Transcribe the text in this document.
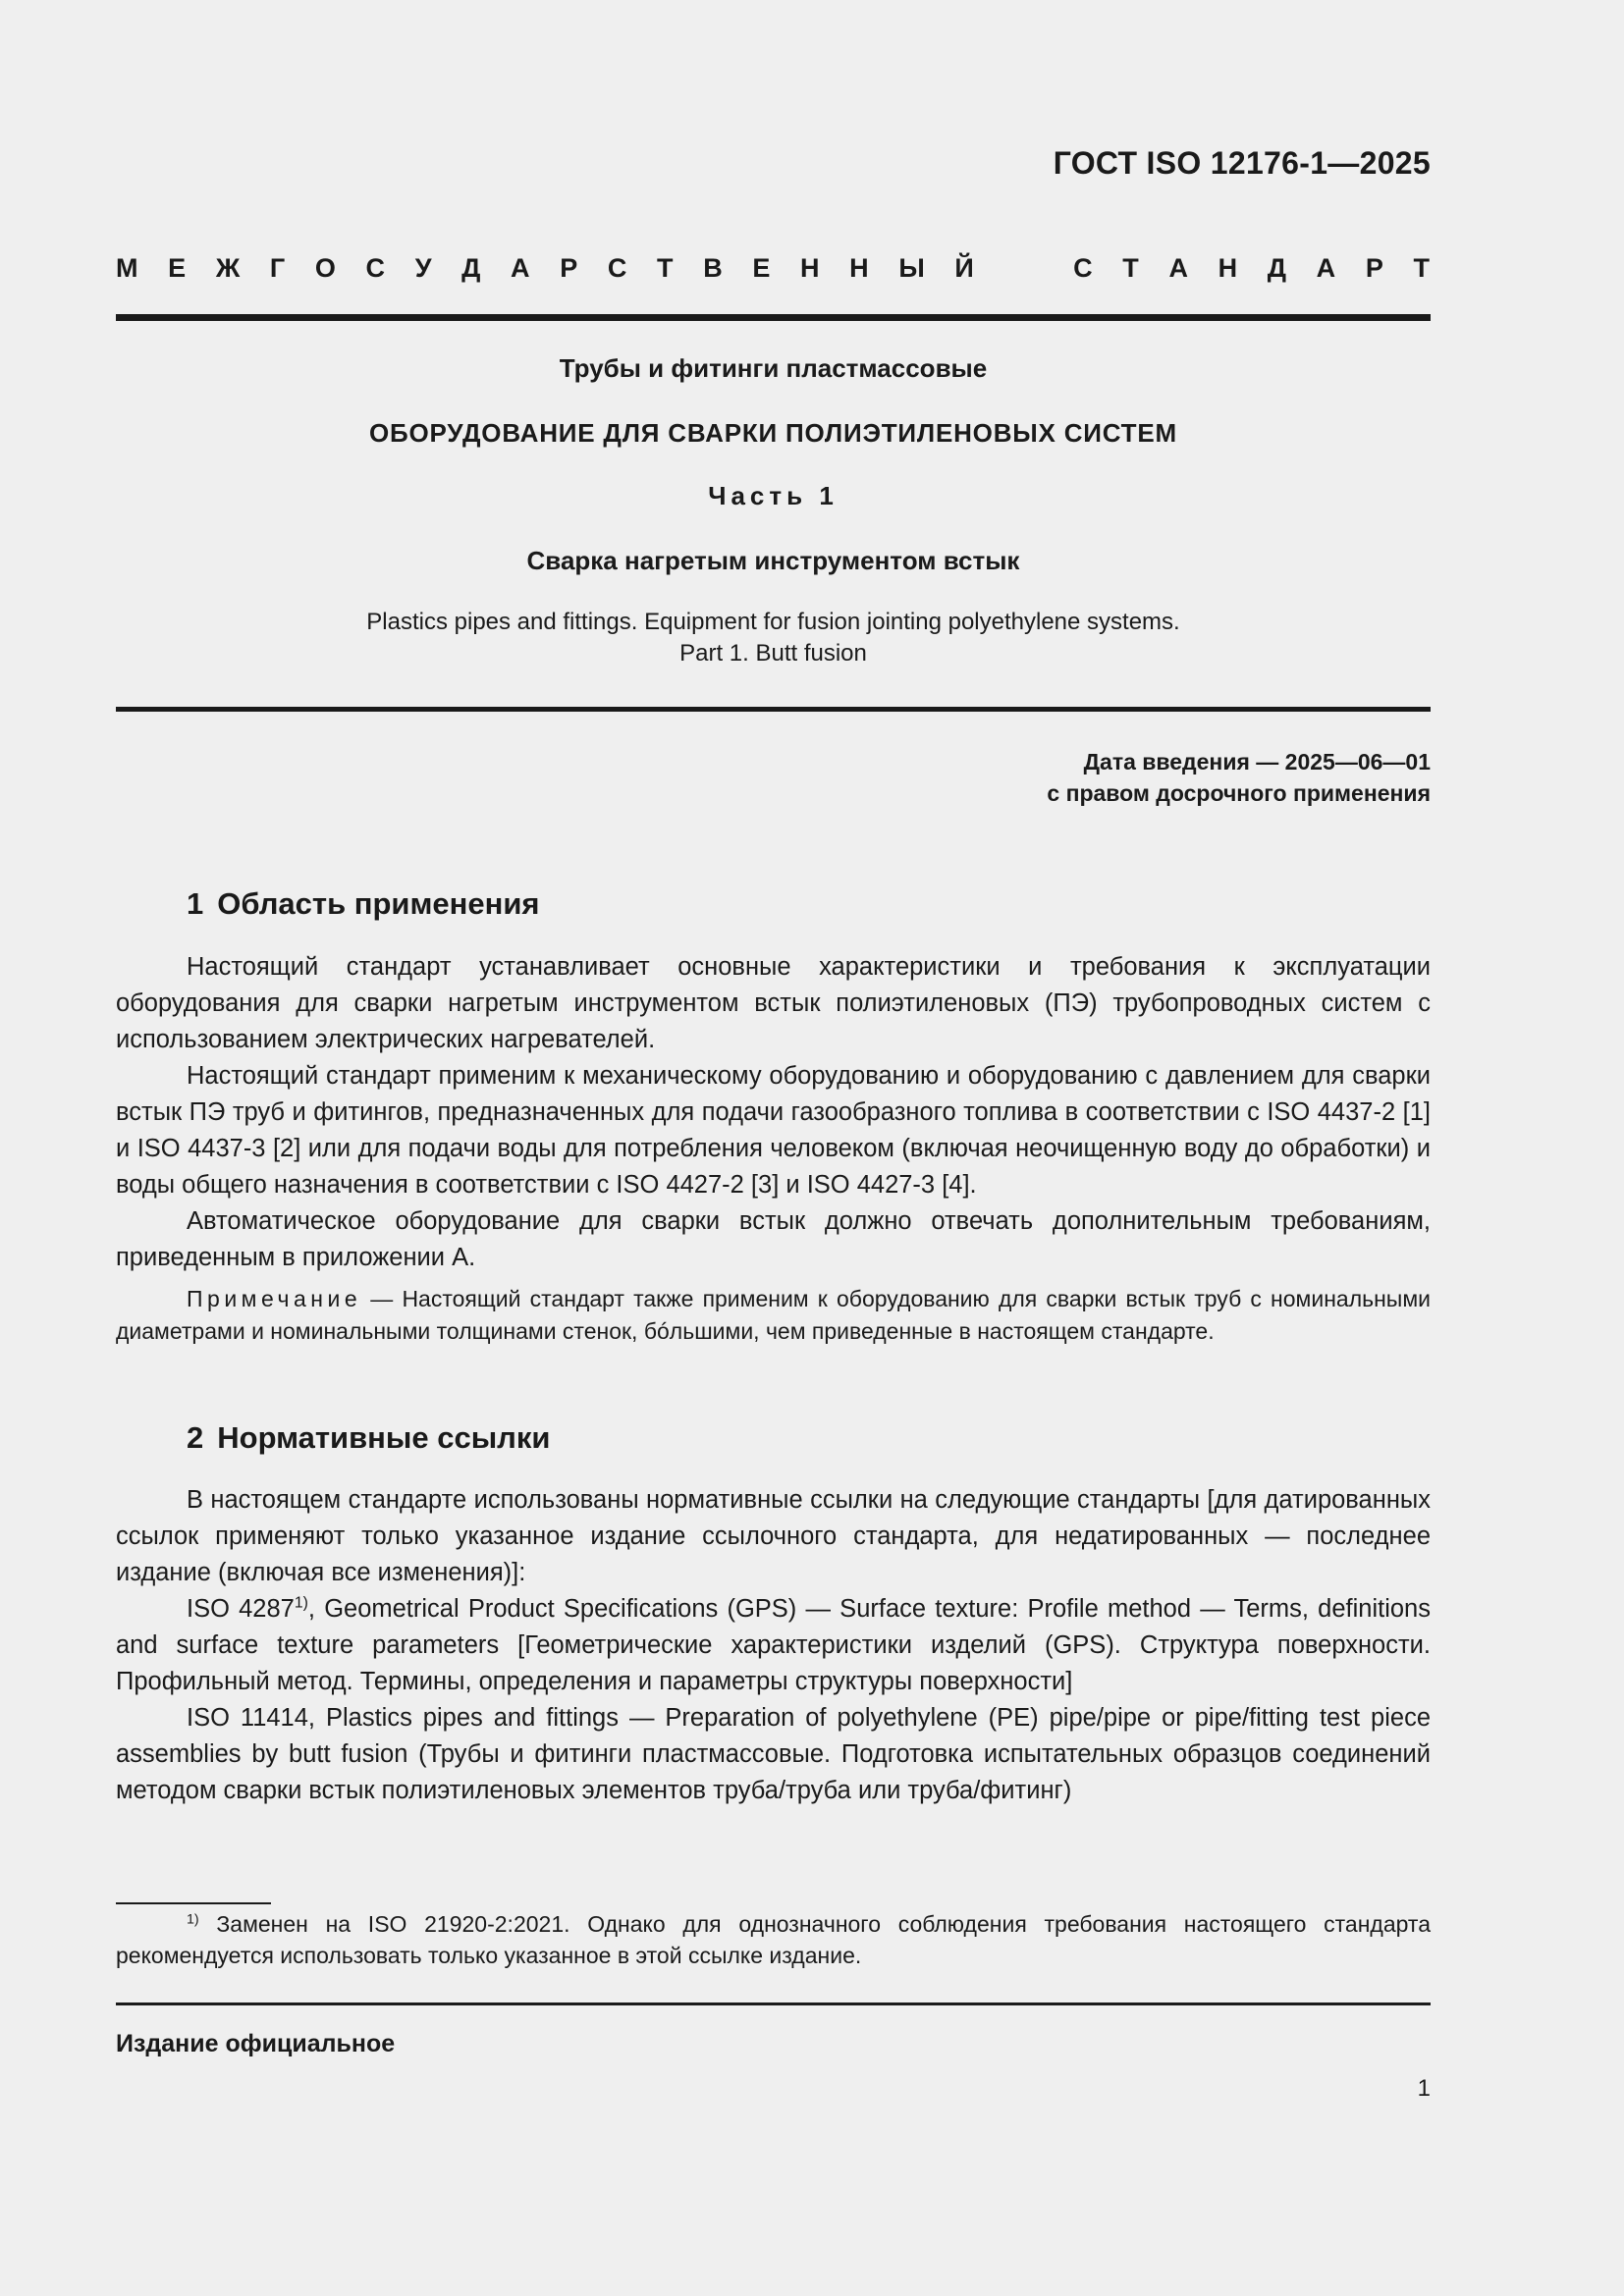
ГОСТ ISO 12176-1—2025
М Е Ж Г О С У Д А Р С Т В Е Н Н Ы Й	С Т А Н Д А Р Т
Трубы и фитинги пластмассовые
ОБОРУДОВАНИЕ ДЛЯ СВАРКИ ПОЛИЭТИЛЕНОВЫХ СИСТЕМ
Часть 1
Сварка нагретым инструментом встык
Plastics pipes and fittings. Equipment for fusion jointing polyethylene systems.
Part 1. Butt fusion
Дата введения — 2025—06—01
с правом досрочного применения
1 Область применения

Настоящий стандарт устанавливает основные характеристики и требования к эксплуатации оборудования для сварки нагретым инструментом встык полиэтиленовых (ПЭ) трубопроводных систем с использованием электрических нагревателей.

Настоящий стандарт применим к механическому оборудованию и оборудованию с давлением для сварки встык ПЭ труб и фитингов, предназначенных для подачи газообразного топлива в соответствии с ISO 4437-2 [1] и ISO 4437-3 [2] или для подачи воды для потребления человеком (включая неочищенную воду до обработки) и воды общего назначения в соответствии с ISO 4427-2 [3] и ISO 4427-3 [4].

Автоматическое оборудование для сварки встык должно отвечать дополнительным требованиям, приведенным в приложении А.

Примечание — Настоящий стандарт также применим к оборудованию для сварки встык труб с номинальными диаметрами и номинальными толщинами стенок, бóльшими, чем приведенные в настоящем стандарте.

2 Нормативные ссылки

В настоящем стандарте использованы нормативные ссылки на следующие стандарты [для датированных ссылок применяют только указанное издание ссылочного стандарта, для недатированных — последнее издание (включая все изменения)]:

ISO 4287$^{1)}$, Geometrical Product Specifications (GPS) — Surface texture: Profile method — Terms, definitions and surface texture parameters [Геометрические характеристики изделий (GPS). Структура поверхности. Профильный метод. Термины, определения и параметры структуры поверхности]

ISO 11414, Plastics pipes and fittings — Preparation of polyethylene (PE) pipe/pipe or pipe/fitting test piece assemblies by butt fusion (Трубы и фитинги пластмассовые. Подготовка испытательных образцов соединений методом сварки встык полиэтиленовых элементов труба/труба или труба/фитинг)

$^{1)}$ Заменен на ISO 21920-2:2021. Однако для однозначного соблюдения требования настоящего стандарта рекомендуется использовать только указанное в этой ссылке издание.

Издание официальное
1
